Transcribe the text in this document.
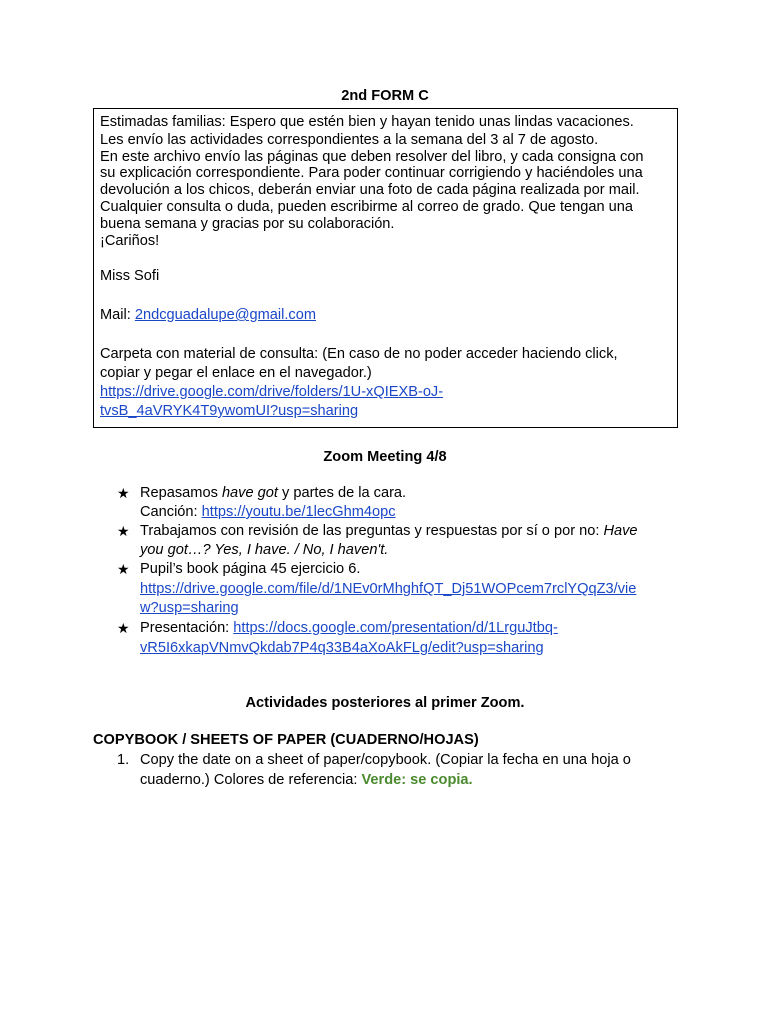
2nd FORM C
Estimadas familias: Espero que estén bien y hayan tenido unas lindas vacaciones.
Les envío las actividades correspondientes a la semana del 3 al 7 de agosto.
En este archivo envío las páginas que deben resolver del libro, y cada consigna con
su explicación correspondiente. Para poder continuar corrigiendo y haciéndoles una
devolución a los chicos, deberán enviar una foto de cada página realizada por mail.
Cualquier consulta o duda, pueden escribirme al correo de grado. Que tengan una
buena semana y gracias por su colaboración.
¡Cariños!
Miss Sofi
Mail: 2ndcguadalupe@gmail.com
Carpeta con material de consulta: (En caso de no poder acceder haciendo click,
copiar y pegar el enlace en el navegador.)
https://drive.google.com/drive/folders/1U-xQIEXB-oJ-
tvsB_4aVRYK4T9ywomUI?usp=sharing
Zoom Meeting 4/8
★ Repasamos have got y partes de la cara.
Canción: https://youtu.be/1lecGhm4opc
★ Trabajamos con revisión de las preguntas y respuestas por sí o por no: Have
you got…? Yes, I have. / No, I haven't.
★ Pupil’s book página 45 ejercicio 6.
https://drive.google.com/file/d/1NEv0rMhghfQT_Dj51WOPcem7rclYQqZ3/vie
w?usp=sharing
★ Presentación: https://docs.google.com/presentation/d/1LrguJtbq-
vR5I6xkapVNmvQkdab7P4q33B4aXoAkFLg/edit?usp=sharing
Actividades posteriores al primer Zoom.
COPYBOOK / SHEETS OF PAPER (CUADERNO/HOJAS)
1. Copy the date on a sheet of paper/copybook. (Copiar la fecha en una hoja o
cuaderno.) Colores de referencia: Verde: se copia.
